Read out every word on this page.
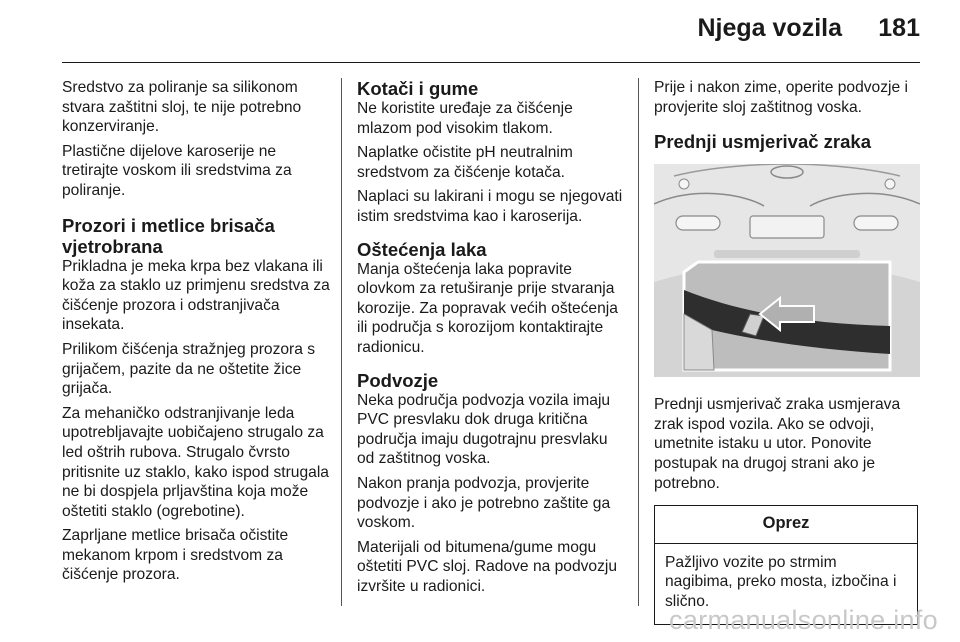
Njega vozila 181

Sredstvo za poliranje sa silikonom stvara zaštitni sloj, te nije potrebno konzerviranje.

Plastične dijelove karoserije ne tretirajte voskom ili sredstvima za poliranje.

Prozori i metlice brisača vjetrobrana

Prikladna je meka krpa bez vlakana ili koža za staklo uz primjenu sredstva za čišćenje prozora i odstranjivača insekata.

Prilikom čišćenja stražnjeg prozora s grijačem, pazite da ne oštetite žice grijača.

Za mehaničko odstranjivanje leda upotrebljavajte uobičajeno strugalo za led oštrih rubova. Strugalo čvrsto pritisnite uz staklo, kako ispod strugala ne bi dospjela prljavština koja može oštetiti staklo (ogrebotine).

Zaprljane metlice brisača očistite mekanom krpom i sredstvom za čišćenje prozora.

Kotači i gume

Ne koristite uređaje za čišćenje mlazom pod visokim tlakom.

Naplatke očistite pH neutralnim sredstvom za čišćenje kotača.

Naplaci su lakirani i mogu se njegovati istim sredstvima kao i karoserija.

Oštećenja laka

Manja oštećenja laka popravite olovkom za retuširanje prije stvaranja korozije. Za popravak većih oštećenja ili područja s korozijom kontaktirajte radionicu.

Podvozje

Neka područja podvozja vozila imaju PVC presvlaku dok druga kritična područja imaju dugotrajnu presvlaku od zaštitnog voska.

Nakon pranja podvozja, provjerite podvozje i ako je potrebno zaštite ga voskom.

Materijali od bitumena/gume mogu oštetiti PVC sloj. Radove na podvozju izvršite u radionici.

Prije i nakon zime, operite podvozje i provjerite sloj zaštitnog voska.

Prednji usmjerivač zraka

Prednji usmjerivač zraka usmjerava zrak ispod vozila. Ako se odvoji, umetnite istaku u utor. Ponovite postupak na drugoj strani ako je potrebno.

Oprez
Pažljivo vozite po strmim nagibima, preko mosta, izbočina i slično.
carmanualsonline.info
